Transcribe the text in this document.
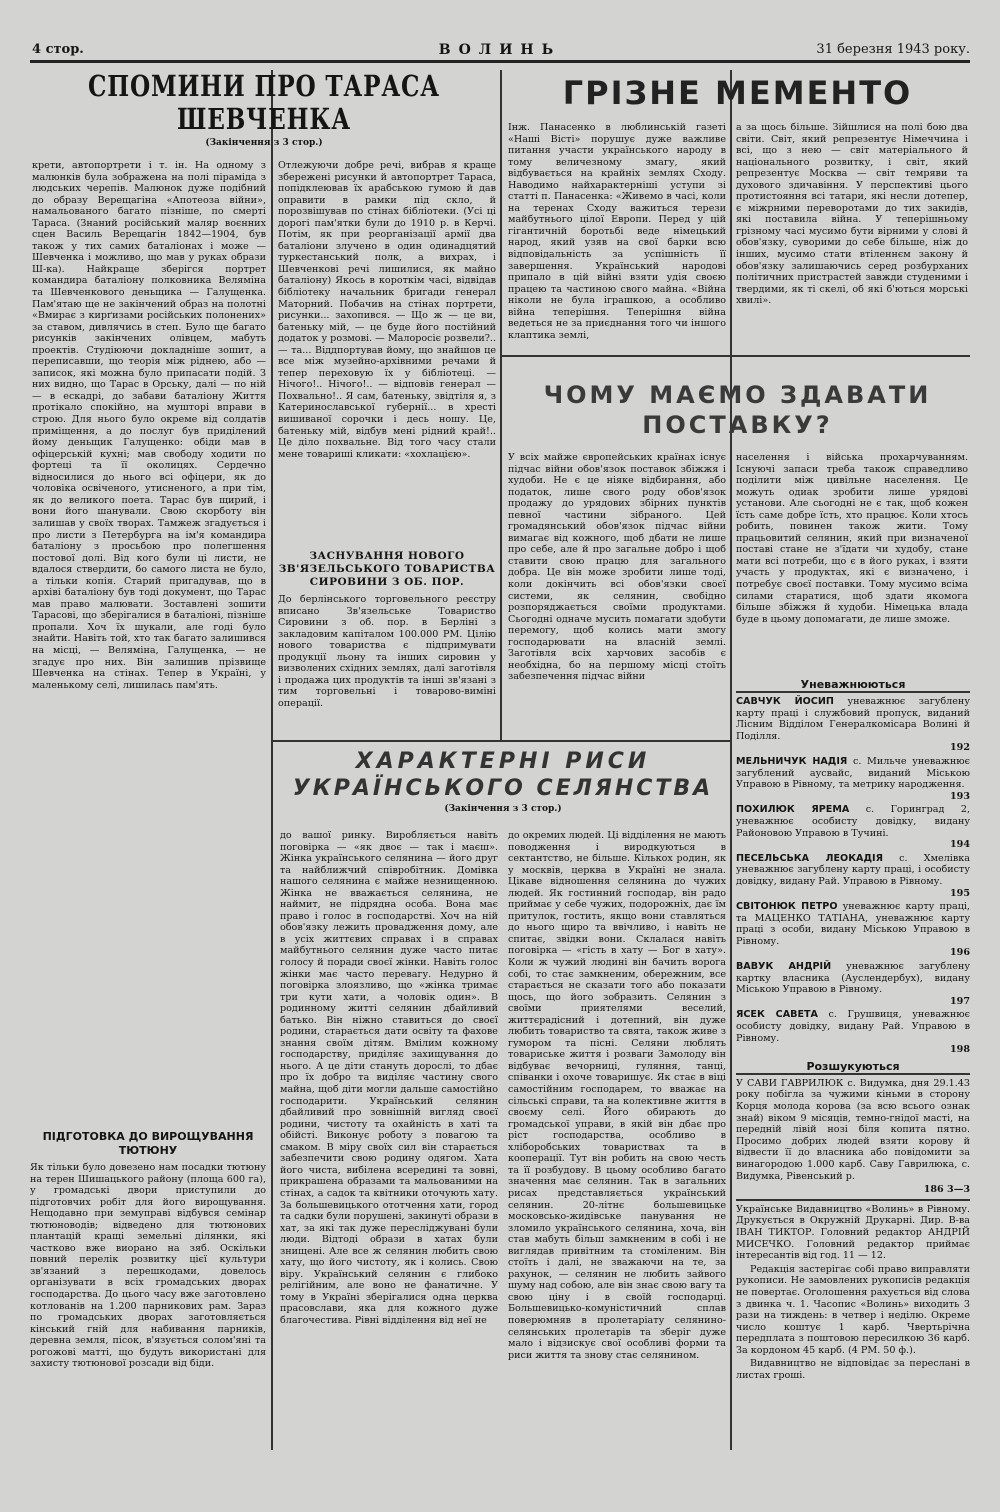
4 стор.	ВОЛИНЬ	31 березня 1943 року.
СПОМИНИ ПРО ТАРАСА
ШЕВЧЕНКА
(Закінчення з 3 стор.)
крети, автопортрети і т. ін. На одному з малюнків була зображена на полі піраміда з людських черепів. Малюнок дуже подібний до образу Верещагіна «Апотеоза війни», намальованого багато пізніше, по смерті Тараса. (Знаний російський маляр воєнних сцен Василь Верещагін 1842—1904, був також у тих самих баталіонах і може — Шевченка і можливо, що мав у руках образи Ш-ка). Найкраще зберігся портрет командира баталіону полковника Веляміна та Шевченкового деньщика — Галущенка. Пам'ятаю ще не закінчений образ на полотні «Вмирає з кирґизами російських полонених» за ставом, дивлячись в степ. Було ще багато рисунків закінчених олівцем, мабуть проектів. Студіюючи докладніше зошит, а переписавши, що теорія між ріднею, або — записок, які можна було припасати подій. З них видно, що Тарас в Орську, далі — по ній — в ескадрі, до забави баталіону Життя протікало спокійно, на мушторі вправи в строю. Для нього було окреме від солдатів приміщення, а до послуг був приділений йому деньщик Галущенко: обіди мав в офіцерській кухні; мав свободу ходити по фортеці та її околицях. Сердечно відносилися до нього всі офіцери, як до чоловіка освіченого, утисненого, а при тім, як до великого поета. Тарас був щирий, і вони його шанували. Свою скорботу він залишав у своїх творах. Тамжеж згадується і про листи з Петербурга на ім'я командира баталіону з просьбою про полегшення постової долі. Від кого були ці листи, не вдалося ствердити, бо самого листа не було, а тільки копія. Старий пригадував, що в архіві баталіону був тоді документ, що Тарас мав право малювати. Зоставлені зошити Тарасові, що зберігалися в баталіоні, пізніше пропали. Хоч їх шукали, але годі було знайти. Навіть той, хто так багато залишився на місці, — Веляміна, Галущенка, — не згадує про них. Він залишив прізвище Шевченка на стінах. Тепер в Україні, у маленькому селі, лишилась пам'ять.
Отлежуючи добре речі, вибрав я краще збережені рисунки й автопортрет Тараса, попідклеював їх арабською гумою й дав оправити в рамки під скло, й порозвішував по стінах бібліотеки. (Усі ці дорогі пам'ятки були до 1910 р. в Керчі. Потім, як при реорганізації армії два баталіони злучено в один одинадцятий туркестанський полк, а вихрах, і Шевченкові речі лишилися, як майно баталіону) Якось в короткім часі, відвідав бібліотеку начальник бригади генерал Маторний. Побачив на стінах портрети, рисунки... захопився. — Що ж — це ви, батеньку мій, — це буде його постійний додаток у розмові. — Малоросіє розвели?.. — та... Віддпортував йому, що знайшов це все між музейно-архівними речами й тепер переховую їх у бібліотеці. — Нічого!.. Нічого!.. — відповів генерал — Похвально!.. Я сам, батеньку, звідтіля я, з Катеринославської губернії... в хресті вишиваної сорочки і десь ношу. Це, батеньку мій, відбув мені рідний край!.. Це діло похвальне. Від того часу стали мене товариші кликати: «хохлацією».
ЗАСНУВАННЯ НОВОГО ЗВ'ЯЗЕЛЬСЬКОГО ТОВАРИСТВА СИРОВИНИ З ОБ. ПОР.
До берлінського торговельного реєстру вписано Зв'язельське Товариство Сировини з об. пор. в Берліні з закладовим капіталом 100.000 РМ. Цілію нового товариства є підпримувати продукції льону та інших сировин у визволених східних землях, далі заготівля і продажа цих продуктів та інші зв'язані з тим торговельні і товарово-виміні операції.
ПІДГОТОВКА ДО ВИРОЩУВАННЯ ТЮТЮНУ
Як тільки було довезено нам посадки тютюну на терен Шишацького району (площа 600 га), у громадські двори приступили до підготовчих робіт для його вирощування. Нещодавно при земуправі відбувся семінар тютюноводів; відведено для тютюнових плантацій кращі земельні ділянки, які частково вже виорано на зяб. Оскільки повний перелік розвитку цієї культури зв'язаний з перешкодами, довелось організувати в всіх громадських дворах господарства. До цього часу вже заготовлено котлованів на 1.200 парникових рам. Зараз по громадських дворах заготовляється кінський гній для набивання парників, деревна земля, пісок, в'язується солом'яні та рогожові матті, що будуть використані для захисту тютюнової розсади від біди.
ГРІЗНЕ МЕМЕНТО
Інж. Панасенко в люблинській газеті «Наші Вісті» порушує дуже важливе питання участи українського народу в тому величезному змагу, який відбувається на крайніх землях Сходу. Наводимо найхарактерніші уступи зі статті п. Панасенка: «Живемо в часі, коли на теренах Сходу важиться терези майбутнього цілої Европи. Перед у цій гігантичній боротьбі веде німецький народ, який узяв на свої барки всю відповідальність за успішність її завершення. Український народові припало в цій війні взяти удія своєю працею та частиною свого майна. «Війна ніколи не була іграшкою, а особливо війна теперішня. Теперішня війна ведеться не за приєднання того чи іншого клаптика землі,
а за щось більше. Зійшлися на полі бою два світи. Світ, який репрезентує Німеччина і всі, що з нею — світ матеріального й національного розвитку, і світ, який репрезентує Москва — світ темряви та духового здичавіння. У перспективі цього протистояння всі татари, які несли дотепер, є міжрними переворотами до тих закидів, які поставила війна. У теперішньому грізному часі мусимо бути вірними у слові й обов'язку, суворими до себе більше, ніж до інших, мусимо стати втіленнєм закону й обов'язку залишаючись серед розбурханих політичних пристрастей завжди студеними і твердими, як ті скелі, об які б'ються морські хвилі».
ЧОМУ МАЄМО ЗДАВАТИ
ПОСТАВКУ?
У всіх майже європейських країнах існує підчас війни обов'язок поставок збіжжя і худоби. Не є це ніяке відбирання, або податок, лише свого роду обов'язок продажу до урядових збірних пунктів певної частини зібраного. Цей громадянський обов'язок підчас війни вимагає від кожного, щоб дбати не лише про себе, але й про загальне добро і щоб ставити свою працю для загального добра. Це він може зробити лише тоді, коли докінчить всі обов'язки своєї системи, як селянин, свобідно розпоряджається своїми продуктами. Сьогодні одначе мусить помагати здобути перемогу, щоб колись мати змогу господарювати на власній землі. Заготівля всіх харчових засобів є необхідна, бо на першому місці стоїть забезпечення підчас війни
населення і війська прохарчуванням. Існуючі запаси треба також справедливо поділити між цивільне населення. Це можуть одиак зробити лише урядові установи. Але сьогодні не є так, щоб кожен їсть саме добре їсть, хто працює. Коли хтось робить, повинен також жити. Тому працьовитий селянин, який при визначеної поставі стане не з'їдати чи худобу, стане мати всі потреби, що є в його руках, і взяти участь у продуктах, які є визначено, і потребує своєї поставки. Тому мусимо всіма силами старатися, щоб здати якомога більше збіжжя й худоби. Німецька влада буде в цьому допомагати, де лише зможе.
Уневажнюються
САВЧУК ЙОСИП уневажнює загублену карту праці і службовий пропуск, виданий Лісним Відділом Генералкомісара Волині й Поділля.
192
МЕЛЬНИЧУК НАДІЯ с. Мильче уневажнює загублений аусвайс, виданий Міською Управою в Рівному, та метрику народження.
193
ПОХИЛЮК ЯРЕМА с. Горинград 2, уневажнює особисту довідку, видану Районовою Управою в Тучині.
194
ПЕСЕЛЬСЬКА ЛЕОКАДІЯ с. Хмелівка уневажнює загублену карту праці, і особисту довідку, видану Рай. Управою в Рівному.
195
СВІТОНЮК ПЕТРО уневажнює карту праці, та МАЦЕНКО ТАТІАНА, уневажнює карту праці з особи, видану Міською Управою в Рівному.
196
ВАВУК АНДРІЙ уневажнює загублену картку власника (Ауслендербух), видану Міською Управою в Рівному.
197
ЯСЕК САВЕТА с. Грушвиця, уневажнює особисту довідку, видану Рай. Управою в Рівному.
198
Розшукуються
У САВИ ГАВРИЛЮК с. Видумка, дня 29.1.43 року побігла за чужими кіньми в сторону Корця молода корова (за всю всього ознак знай) віком 9 місяців, темно-гнідої масті, на передній лівій нозі біля копита пятно. Просимо добрих людей взяти корову й відвести її до власника або повідомити за винагородою 1.000 карб. Саву Гаврилюка, с. Видумка, Рівенський р.
186 3—3
Українське Видавництво «Волинь» в Рівному. Друкується в Окружній Друкарні. Дир. В-ва ІВАН ТИКТОР. Головний редактор АНДРІЙ МИСЕЧКО. Головний редактор приймає інтересантів від год. 11 — 12.
Редакція застерігає собі право виправляти рукописи. Не замовлених рукописів редакція не повертає. Оголошення рахується від слова з двинка ч. 1. Часопис «Волинь» виходить 3 рази на тиждень: в четвер і неділю. Окреме число коштує 1 карб. Чвертьрічна передплата з поштовою пересилкою 36 карб. За кордоном 45 карб. (4 РМ. 50 ф.).
Видавництво не відповідає за переслані в листах гроші.
ХАРАКТЕРНІ РИСИ
УКРАЇНСЬКОГО СЕЛЯНСТВА
(Закінчення з 3 стор.)
до вашої ринку. Виробляється навіть поговірка — «як двоє — так і маєш». Жінка українського селянина — його друг та найближчий співробітник. Домівка нашого селянина є майже незнищенною. Жінка не вважається селянина, не наймит, не підрядна особа. Вона має право і голос в господарстві. Хоч на ній обов'язку лежить провадження дому, але в усіх життєвих справах і в справах майбутнього селянин дуже часто питає голосу й поради своєї жінки. Навіть голос жінки має часто перевагу. Недурно й поговірка злоязливо, що «жінка тримає три кути хати, а чоловік один». В родинному житті селянин дбайливий батько. Він ніжно ставиться до своєї родини, старається дати освіту та фахове знання своїм дітям. Вмілим кожному господарству, приділяє захищування до нього. А це діти стануть дорослі, то дбає про їх добро та виділяє частину свого майна, щоб діти могли дальше самостійно господарити. Український селянин дбайливий про зовнішній вигляд своєї родини, чистоту та охайність в хаті та обійсті. Виконує роботу з повагою та смаком. В міру своїх сил він старається забезпечити свою родину одягом. Хата його чиста, вибілена всередині та зовні, прикрашена образами та мальованими на стінах, а садок та квітники оточують хату. За большевицького ототчення хати, город та садки були порушені, закинуті образи в хат, за які так дуже пересліджувані були люди. Відтоді образи в хатах були знищені. Але все ж селянин любить свою хату, що його чистоту, як і колись. Свою віру. Український селянин є глибоко релігійним, але воно не фанатичне. У тому в Україні зберігалися одна церква прасовслави, яка для кожного дуже благочестива. Рівні відділення від неї не
до окремих людей. Ці відділення не мають поводження і виродкуються в сектантство, не більше. Кількох родин, як у москвів, церква в Україні не знала. Цікаве відношення селянина до чужих людей. Як гостинний господар, він радо приймає у себе чужих, подорожніх, дає їм притулок, гостить, якщо вони ставляться до нього щиро та ввічливо, і навіть не спитає, звідки вони. Склалася навіть поговірка — «гість в хату — Бог в хату». Коли ж чужий людині він бачить ворога собі, то стає замкненим, обережним, все старається не сказати того або показати щось, що його зобразить. Селянин з своїми приятелями веселий, життєрадісний і дотепний, він дуже любить товариство та свята, також живе з гумором та пісні. Селяни люблять товариське життя і розваги Замолоду він відбуває вечорниці, гуляння, танці, співанки і охоче товаришує. Як стає в віці самостійним господарем, то вважає на сільські справи, та на колективне життя в своєму селі. Його обирають до громадської управи, в якій він дбає про ріст господарства, особливо в хліборобських товариствах та в кооперації. Тут він робить на свою честь та її розбудову. В цьому особливо багато значення має селянин. Так в загальних рисах представляється український селянин. 20-літнє большевицьке московсько-жидівське панування не зломило українського селянина, хоча, він став мабуть більш замкненим в собі і не виглядав привітним та стоміленим. Він стоїть і далі, не зважаючи на те, за рахунок, — селянин не любить зайвого шуму над собою, але він знає свою вагу та свою ціну і в своїй господарці. Большевицько-комуністичний сплав поверюмняв в пролетаріату селянино-селянських пролетарів та зберіг дуже мало і відзискує свої особливі форми та риси життя та знову стає селянином.
